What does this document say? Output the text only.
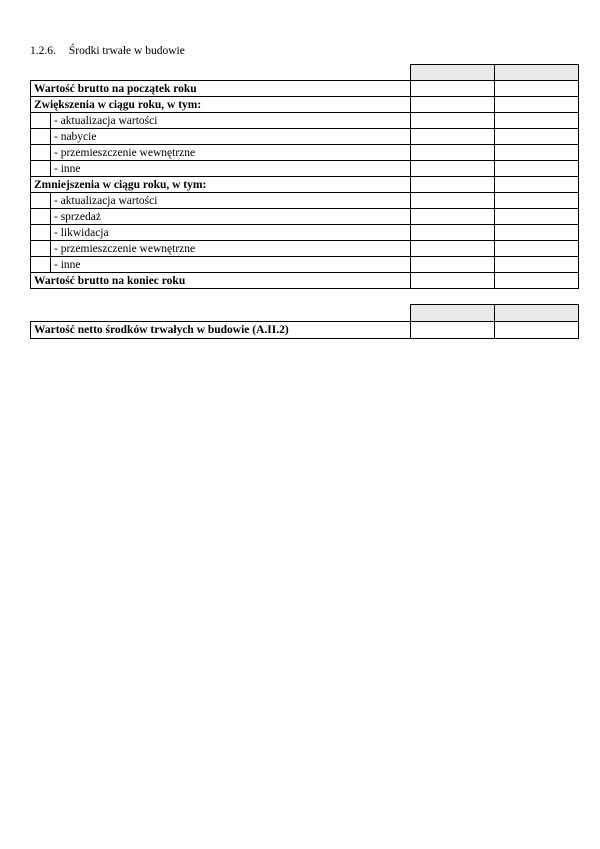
1.2.6. Środki trwałe w budowie

Wartość brutto na początek roku			
Zwiększenia w ciągu roku, w tym:			
	- aktualizacja wartości		
	- nabycie		
	- przemieszczenie wewnętrzne		
	- inne		
Zmniejszenia w ciągu roku, w tym:			
	- aktualizacja wartości		
	- sprzedaż		
	- likwidacja		
	- przemieszczenie wewnętrzne		
	- inne		
Wartość brutto na koniec roku			

Wartość netto środków trwałych w budowie (A.II.2)		
